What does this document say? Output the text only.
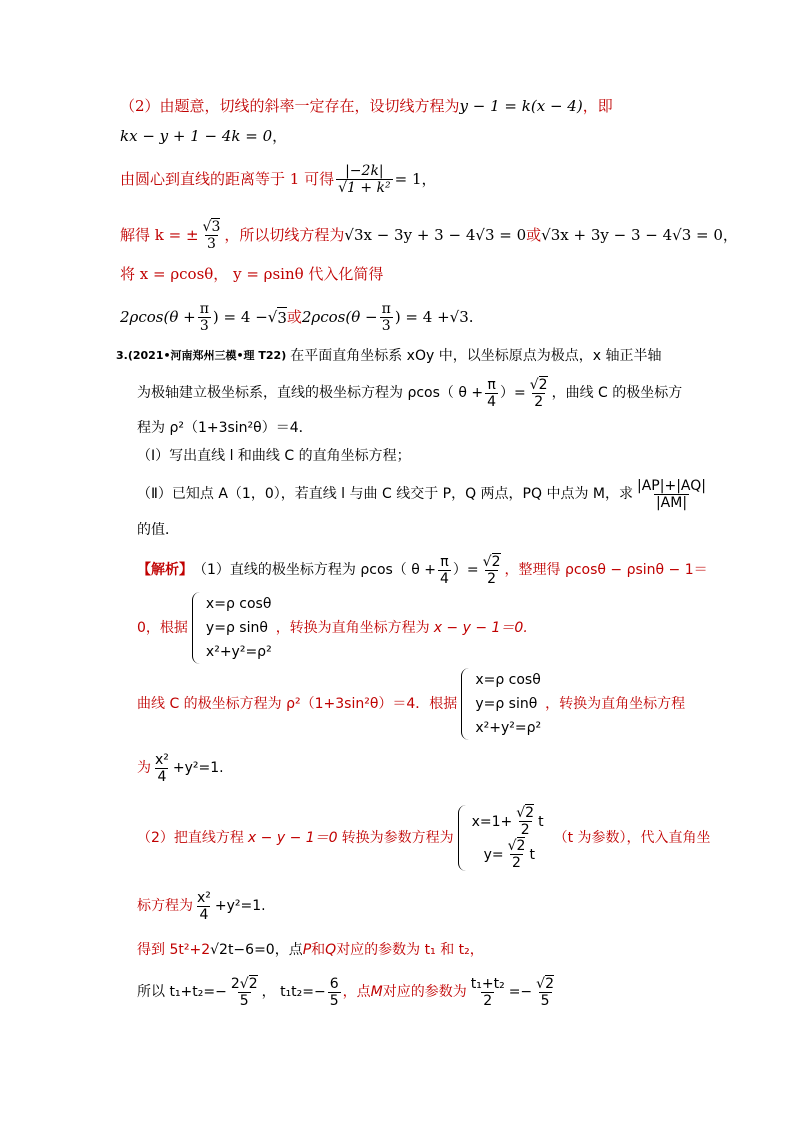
（2）由题意，切线的斜率一定存在，设切线方程为 y − 1 = k(x − 4) ，即
kx − y + 1 − 4k = 0 ，
由圆心到直线的距离等于 1 可得 $\frac{|-2k|}{\text{√1 + k²}} = 1$，
解得 k = ± $\frac{√3}{3}$ ，所以切线方程为 √ 3x − 3y + 3 − 4 √ 3 = 0 或 √ 3x + 3y − 3 − 4 √ 3 = 0，
将 x = ρcosθ， y = ρsinθ 代入化简得
$2\rho\cos(\theta + \frac{\pi}{3}$ ) = 4 − √ 3 或 $2\rho\cos(\theta - \frac{\pi}{3}$ ) = 4 + √ 3.
3. (2021•河南郑州三模•理 T22) 在平面直角坐标系 xOy 中，以坐标原点为极点，x 轴正半轴
为极轴建立极坐标系，直线的极坐标方程为 ρcos（ $\theta + \frac{\pi}{4}$ ）= $\frac{√2}{2}$ ，曲线 C 的极坐标方
程为 ρ²（1+3sin²θ）＝4．
（Ⅰ）写出直线 l 和曲线 C 的直角坐标方程；
（Ⅱ）已知点 A（1，0），若直线 l 与曲 C 线交于 P，Q 两点，PQ 中点为 M，求 $\frac{|AP|+|AQ|}{|AM|}$
的值．
【解析】 （1）直线的极坐标方程为 ρcos（ $\theta + \frac{\pi}{4}$ ）= $\frac{√2}{2}$ ，整理得 ρcosθ − ρsinθ − 1＝
0，根据
x=ρ cosθ
y=ρ sinθ
x²+y²=ρ²
，转换为直角坐标方程为 x − y − 1＝0.
曲线 C 的极坐标方程为 ρ²（1+3sin²θ）＝4．根据
x=ρ cosθ
y=ρ sinθ
x²+y²=ρ²
，转换为直角坐标方程
为 $\frac{\text{x²}}{4} +y^2=1$.
（2）把直线方程 x − y − 1＝0 转换为参数方程为
$x=1+ \frac{√2}{2}$ t
$y= \frac{√2}{2}$ t
（t 为参数），代入直角坐
标方程为 $\frac{\text{x²}}{4} +y^2=1$.
得到 5t²+2 √ 2t−6=0，点 P 和 Q 对应的参数为 t₁ 和 t₂，
所以 $t_1+t_2=- \frac{2√2}{5}$ ， $t_1t_2=- \frac{6}{5}$ ，点 M 对应的参数为 $\frac{\text{t₁+t₂}}{2} =- \frac{√2}{5}$
